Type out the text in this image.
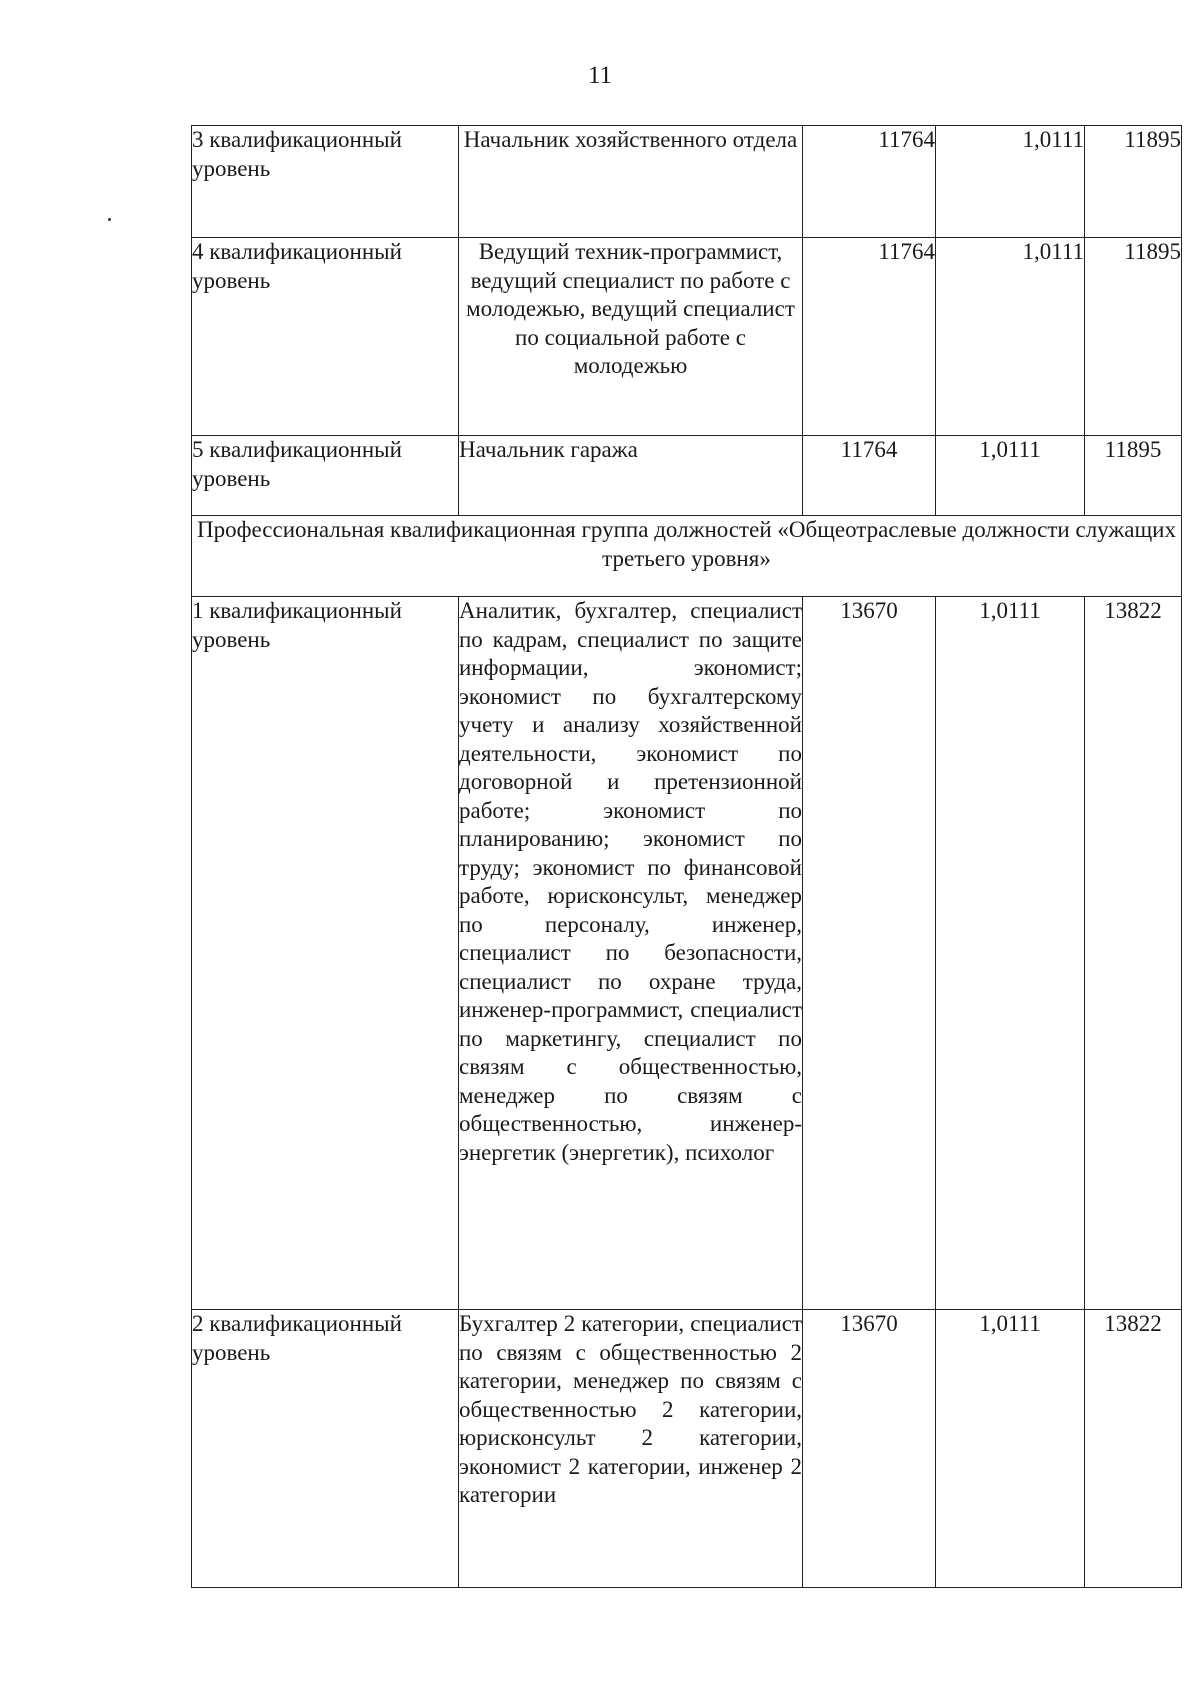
11
3 квалификационный уровень	Начальник хозяйственного отдела	11764	1,0111	11895
4 квалификационный уровень	Ведущий техник-программист, ведущий специалист по работе с молодежью, ведущий специалист по социальной работе с молодежью	11764	1,0111	11895
5 квалификационный уровень	Начальник гаража	11764	1,0111	11895
Профессиональная квалификационная группа должностей «Общеотраслевые должности служащих третьего уровня»				
1 квалификационный уровень	Аналитик, бухгалтер, специалист по кадрам, специалист по защите информации, экономист; экономист по бухгалтерскому учету и анализу хозяйственной деятельности, экономист по договорной и претензионной работе; экономист по планированию; экономист по труду; экономист по финансовой работе, юрисконсульт, менеджер по персоналу, инженер, специалист по безопасности, специалист по охране труда, инженер-программист, специалист по маркетингу, специалист по связям с общественностью, менеджер по связям с общественностью, инженер-энергетик (энергетик), психолог	13670	1,0111	13822
2 квалификационный уровень	Бухгалтер 2 категории, специалист по связям с общественностью 2 категории, менеджер по связям с общественностью 2 категории, юрисконсульт 2 категории, экономист 2 категории, инженер 2 категории	13670	1,0111	13822
